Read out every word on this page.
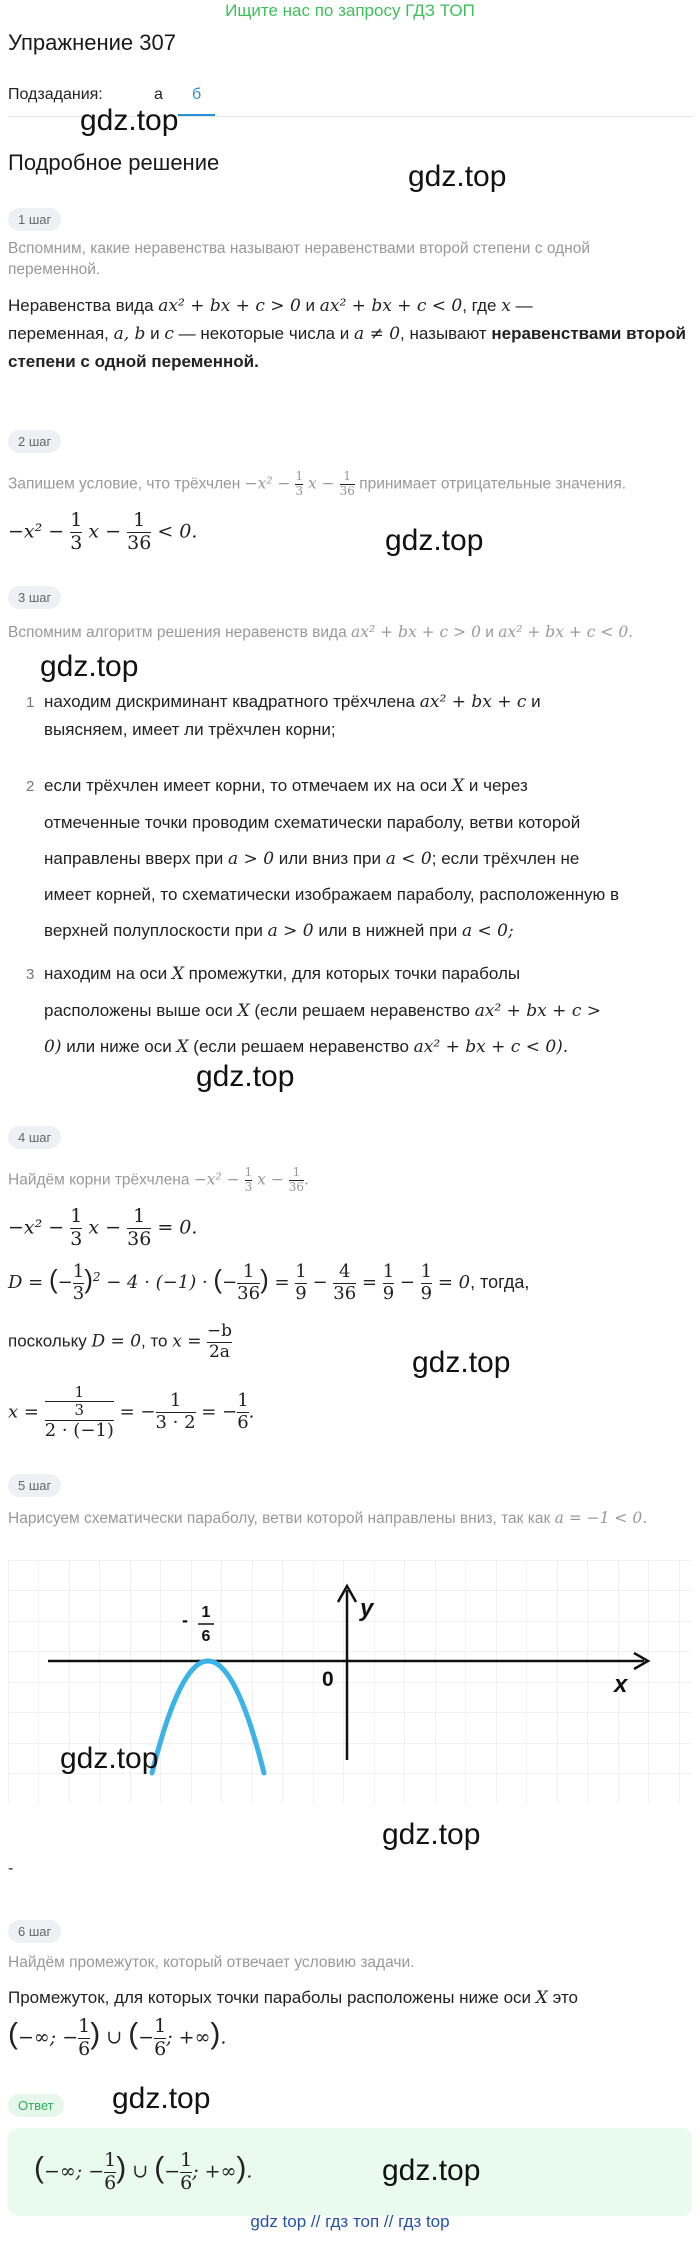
Ищите нас по запросу ГДЗ ТОП
Упражнение 307
Подзадания:	а	б
gdz.top
Подробное решение	gdz.top
1 шаг
Вспомним, какие неравенства называют неравенствами второй степени с одной переменной.
Неравенства вида ax² + bx + c > 0 и ax² + bx + c < 0, где x —
переменная, a, b и c — некоторые числа и a ≠ 0, называют неравенствами второй степени с одной переменной.
2 шаг
Запишем условие, что трёхчлен $-x^2 - \frac{1}{3}$ $x - \frac{1}{36}$ принимает отрицательные значения.
$-x^2 - \frac{1}{3}$ $x - \frac{1}{36} < 0$.	gdz.top
3 шаг
Вспомним алгоритм решения неравенств вида ax² + bx + c > 0 и ax² + bx + c < 0.
gdz.top
1 находим дискриминант квадратного трёхчлена ax² + bx + c и
выясняем, имеет ли трёхчлен корни;
2 если трёхчлен имеет корни, то отмечаем их на оси X и через
отмеченные точки проводим схематически параболу, ветви которой
направлены вверх при a > 0 или вниз при a < 0; если трёхчлен не
имеет корней, то схематически изображаем параболу, расположенную в
верхней полуплоскости при a > 0 или в нижней при a < 0;
3 находим на оси X промежутки, для которых точки параболы
расположены выше оси X (если решаем неравенство ax² + bx + c >
0) или ниже оси X (если решаем неравенство ax² + bx + c < 0).
gdz.top
4 шаг
Найдём корни трёхчлена $-x^2 - \frac{1}{3}$ $x - \frac{1}{36}$ .
$-x^2 - \frac{1}{3}$ $x - \frac{1}{36} = 0$.
D = (− $\frac{1}{3} )^2 - 4 \cdot (-1)$ · (− $\frac{1}{36}$ ) = $\frac{1}{9} - \frac{4}{36} = \frac{1}{9} - \frac{1}{9} = 0$, тогда,
поскольку D = 0, то $x = \frac{-b}{2a}$
gdz.top
x = 1
3
2 · (−1) = − $\frac{1}{3 \cdot 2}$ = − $\frac{1}{6}$ .
5 шаг
Нарисуем схематически параболу, ветви которой направлены вниз, так как a = −1 < 0.
y
x
0
- 1
6
gdz.top
gdz.top
-
6 шаг
Найдём промежуток, который отвечает условию задачи.
Промежуток, для которых точки параболы расположены ниже оси X это
(−∞; − $\frac{1}{6}$ ) ∪ (− $\frac{1}{6}$ ; +∞).
Ответ	gdz.top
(−∞; − $\frac{1}{6}$ ) ∪ (− $\frac{1}{6}$ ; +∞).	gdz.top
gdz top // гдз топ // гдз top
